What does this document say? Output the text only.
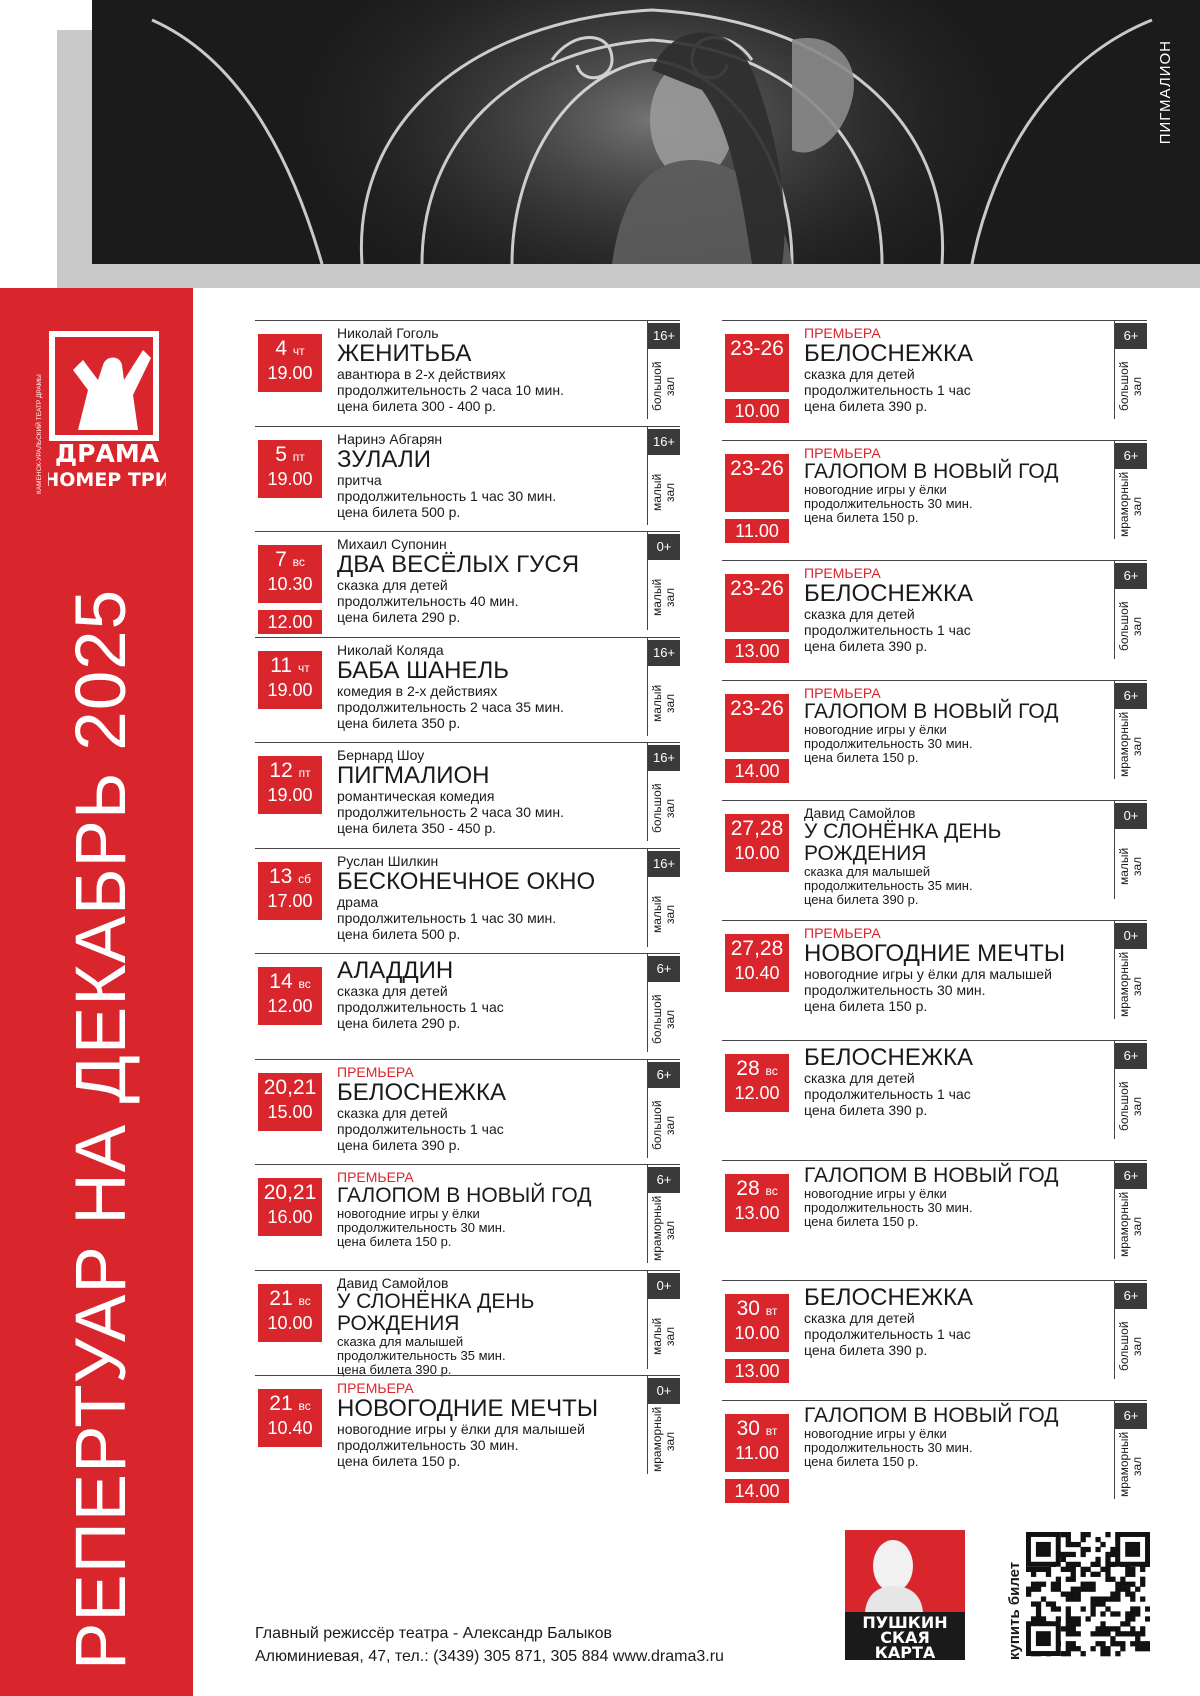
ПИГМАЛИОН
ДРАМА
НОМЕР ТРИ
КАМЕНСК-УРАЛЬСКИЙ ТЕАТР ДРАМЫ
РЕПЕРТУАР НА ДЕКАБРЬ 2025
4 чт
19.00
Николай Гоголь
ЖЕНИТЬБА
авантюра в 2-х действиях
продолжительность 2 часа 10 мин.
цена билета 300 - 400 р.
16+
большой
зал
5 пт
19.00
Наринэ Абгарян
ЗУЛАЛИ
притча
продолжительность 1 час 30 мин.
цена билета 500 р.
16+
малый
зал
7 вс
10.30
12.00
Михаил Супонин
ДВА ВЕСЁЛЫХ ГУСЯ
сказка для детей
продолжительность 40 мин.
цена билета 290 р.
0+
малый
зал
11 чт
19.00
Николай Коляда
БАБА ШАНЕЛЬ
комедия в 2-х действиях
продолжительность 2 часа 35 мин.
цена билета 350 р.
16+
малый
зал
12 пт
19.00
Бернард Шоу
ПИГМАЛИОН
романтическая комедия
продолжительность 2 часа 30 мин.
цена билета 350 - 450 р.
16+
большой
зал
13 сб
17.00
Руслан Шилкин
БЕСКОНЕЧНОЕ ОКНО
драма
продолжительность 1 час 30 мин.
цена билета 500 р.
16+
малый
зал
14 вс
12.00
АЛАДДИН
сказка для детей
продолжительность 1 час
цена билета 290 р.
6+
большой
зал
20,21
15.00
ПРЕМЬЕРА
БЕЛОСНЕЖКА
сказка для детей
продолжительность 1 час
цена билета 390 р.
6+
большой
зал
20,21
16.00
ПРЕМЬЕРА
ГАЛОПОМ В НОВЫЙ ГОД
новогодние игры у ёлки
продолжительность 30 мин.
цена билета 150 р.
6+
мраморный
зал
21 вс
10.00
Давид Самойлов
У СЛОНЁНКА ДЕНЬ РОЖДЕНИЯ
сказка для малышей
продолжительность 35 мин.
цена билета 390 р.
0+
малый
зал
21 вс
10.40
ПРЕМЬЕРА
НОВОГОДНИЕ МЕЧТЫ
новогодние игры у ёлки для малышей
продолжительность 30 мин.
цена билета 150 р.
0+
мраморный
зал
23-26
10.00
ПРЕМЬЕРА
БЕЛОСНЕЖКА
сказка для детей
продолжительность 1 час
цена билета 390 р.
6+
большой
зал
23-26
11.00
ПРЕМЬЕРА
ГАЛОПОМ В НОВЫЙ ГОД
новогодние игры у ёлки
продолжительность 30 мин.
цена билета 150 р.
6+
мраморный
зал
23-26
13.00
ПРЕМЬЕРА
БЕЛОСНЕЖКА
сказка для детей
продолжительность 1 час
цена билета 390 р.
6+
большой
зал
23-26
14.00
ПРЕМЬЕРА
ГАЛОПОМ В НОВЫЙ ГОД
новогодние игры у ёлки
продолжительность 30 мин.
цена билета 150 р.
6+
мраморный
зал
27,28
10.00
Давид Самойлов
У СЛОНЁНКА ДЕНЬ РОЖДЕНИЯ
сказка для малышей
продолжительность 35 мин.
цена билета 390 р.
0+
малый
зал
27,28
10.40
ПРЕМЬЕРА
НОВОГОДНИЕ МЕЧТЫ
новогодние игры у ёлки для малышей
продолжительность 30 мин.
цена билета 150 р.
0+
мраморный
зал
28 вс
12.00
БЕЛОСНЕЖКА
сказка для детей
продолжительность 1 час
цена билета 390 р.
6+
большой
зал
28 вс
13.00
ГАЛОПОМ В НОВЫЙ ГОД
новогодние игры у ёлки
продолжительность 30 мин.
цена билета 150 р.
6+
мраморный
зал
30 вт
10.00
13.00
БЕЛОСНЕЖКА
сказка для детей
продолжительность 1 час
цена билета 390 р.
6+
большой
зал
30 вт
11.00
14.00
ГАЛОПОМ В НОВЫЙ ГОД
новогодние игры у ёлки
продолжительность 30 мин.
цена билета 150 р.
6+
мраморный
зал
Главный режиссёр театра - Александр Балыков
Алюминиевая, 47, тел.: (3439) 305 871, 305 884 www.drama3.ru
ПУШКИН
СКАЯ
КАРТА	купить билет
